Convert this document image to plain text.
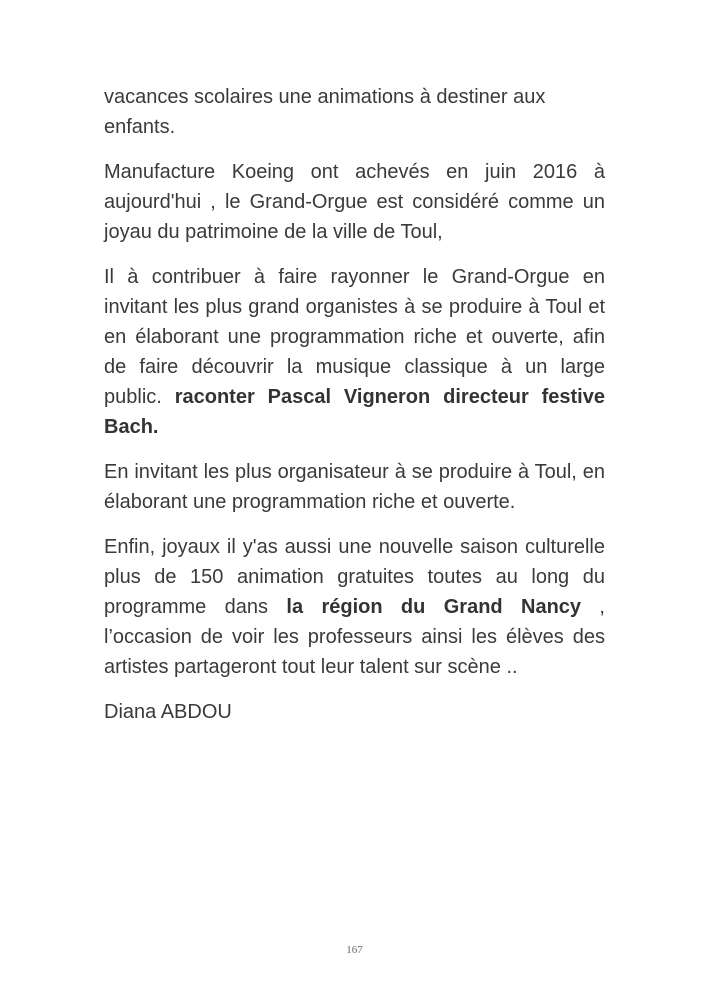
vacances scolaires une animations à destiner aux enfants.

Manufacture Koeing ont achevés en juin 2016 à aujourd'hui , le Grand-Orgue est considéré comme un joyau du patrimoine de la ville de Toul,

Il à contribuer à faire rayonner le Grand-Orgue en invitant les plus grand organistes à se produire à Toul et en élaborant une programmation riche et ouverte, afin de faire découvrir la musique classique à un large public. raconter Pascal Vigneron directeur festive Bach.

En invitant les plus organisateur à se produire à Toul, en élaborant une programmation riche et ouverte.

Enfin, joyaux il y'as aussi une nouvelle saison culturelle plus de 150 animation gratuites toutes au long du programme dans la région du Grand Nancy , l’occasion de voir les professeurs ainsi les élèves des artistes partageront tout leur talent sur scène ..

Diana ABDOU

167
